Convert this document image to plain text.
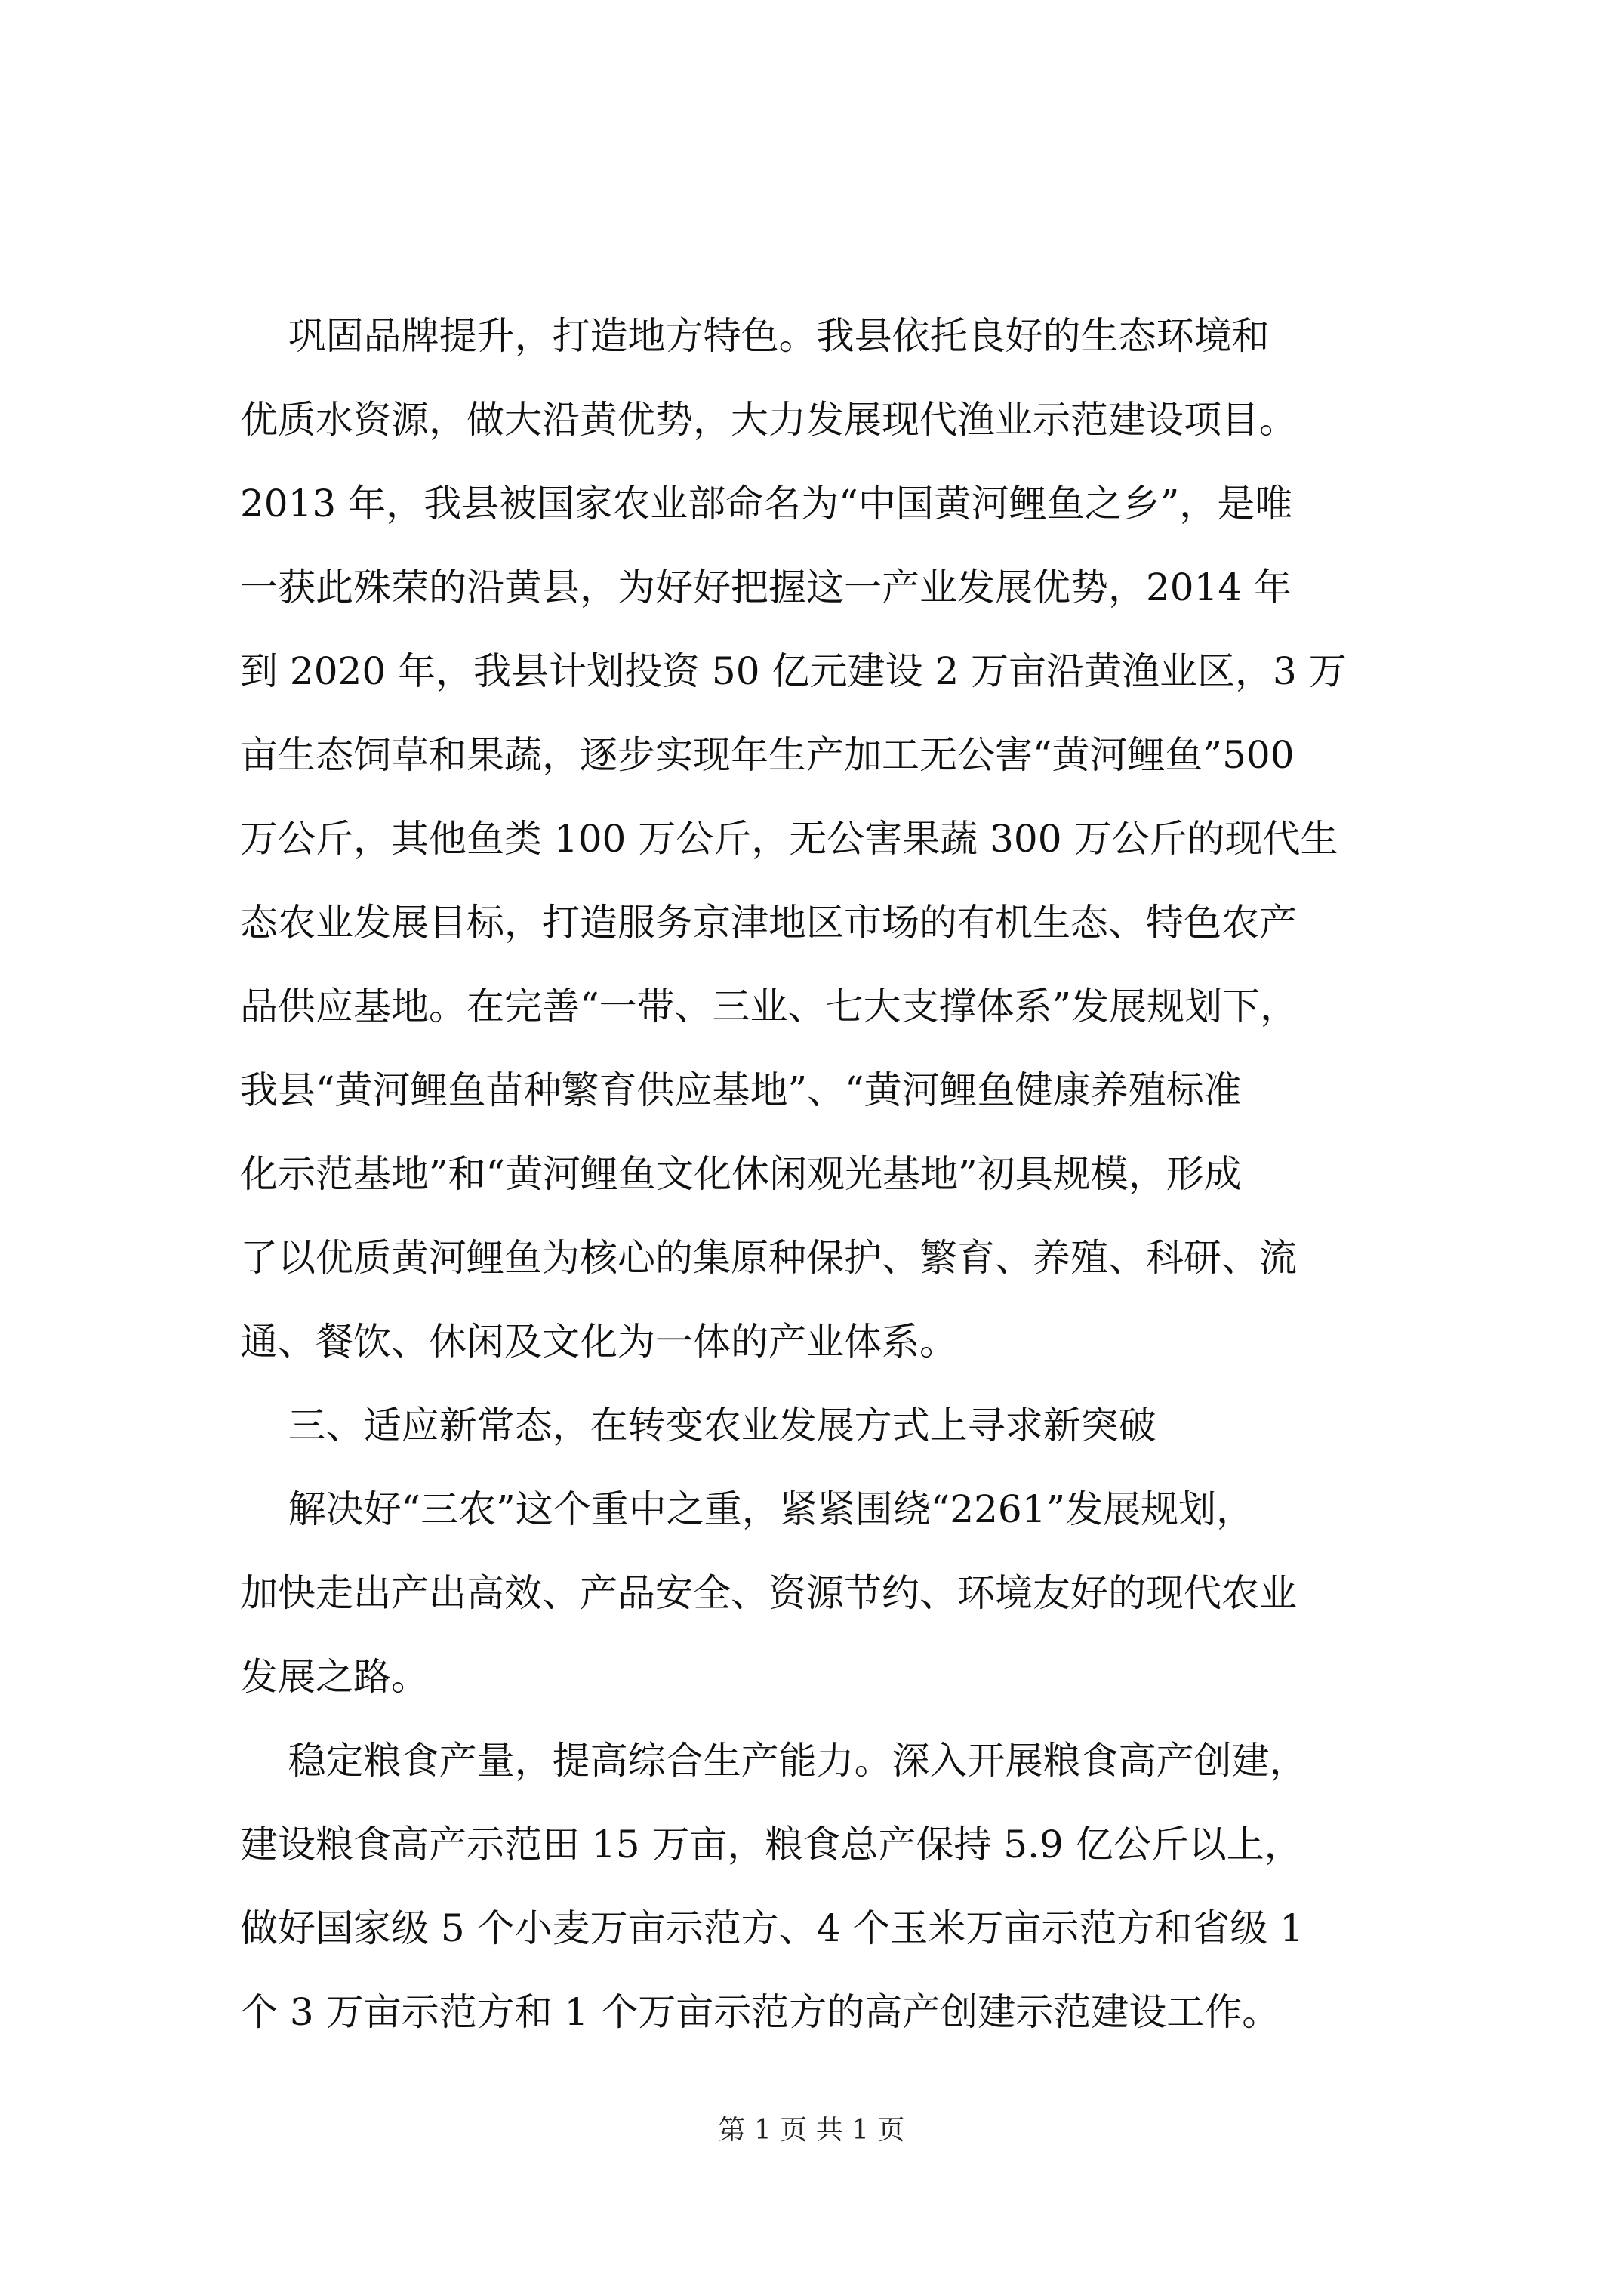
巩固品牌提升，打造地方特色。我县依托良好的生态环境和
优质水资源，做大沿黄优势，大力发展现代渔业示范建设项目。
2013 年，我县被国家农业部命名为“中国黄河鲤鱼之乡”，是唯
一获此殊荣的沿黄县，为好好把握这一产业发展优势，2014 年
到 2020 年，我县计划投资 50 亿元建设 2 万亩沿黄渔业区，3 万
亩生态饲草和果蔬，逐步实现年生产加工无公害“黄河鲤鱼”500
万公斤，其他鱼类 100 万公斤，无公害果蔬 300 万公斤的现代生
态农业发展目标，打造服务京津地区市场的有机生态、特色农产
品供应基地。在完善“一带、三业、七大支撑体系”发展规划下，
我县“黄河鲤鱼苗种繁育供应基地”、“黄河鲤鱼健康养殖标准
化示范基地”和“黄河鲤鱼文化休闲观光基地”初具规模，形成
了以优质黄河鲤鱼为核心的集原种保护、繁育、养殖、科研、流
通、餐饮、休闲及文化为一体的产业体系。
三、适应新常态，在转变农业发展方式上寻求新突破
解决好“三农”这个重中之重，紧紧围绕“2261”发展规划，
加快走出产出高效、产品安全、资源节约、环境友好的现代农业
发展之路。
稳定粮食产量，提高综合生产能力。深入开展粮食高产创建，
建设粮食高产示范田 15 万亩，粮食总产保持 5.9 亿公斤以上，
做好国家级 5 个小麦万亩示范方、4 个玉米万亩示范方和省级 1
个 3 万亩示范方和 1 个万亩示范方的高产创建示范建设工作。
第 1 页 共 1 页
